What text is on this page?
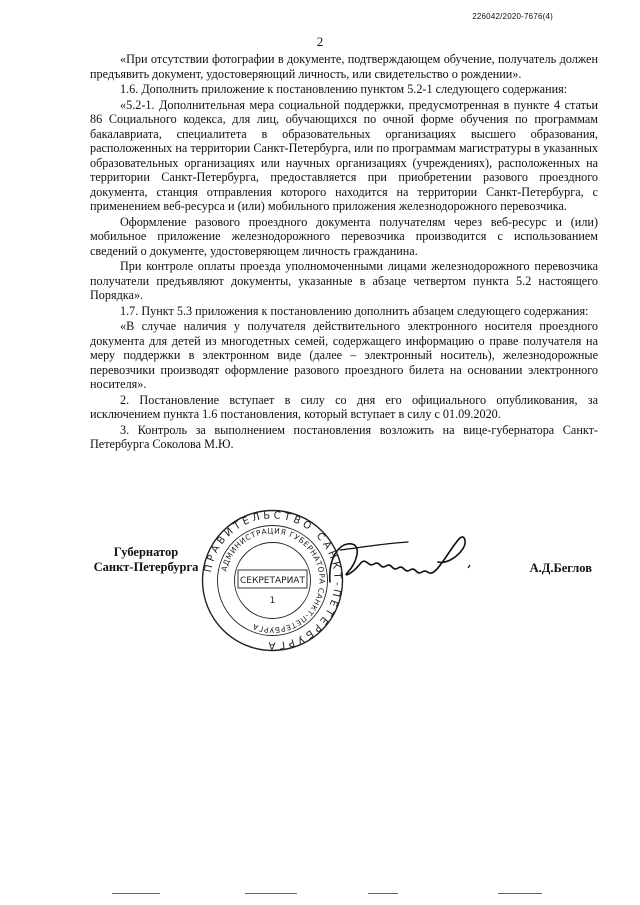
226042/2020-7676(4)
2

«При отсутствии фотографии в документе, подтверждающем обучение, получатель должен предъявить документ, удостоверяющий личность, или свидетельство о рождении».

1.6. Дополнить приложение к постановлению пунктом 5.2-1 следующего содержания:

«5.2-1. Дополнительная мера социальной поддержки, предусмотренная в пункте 4 статьи 86 Социального кодекса, для лиц, обучающихся по очной форме обучения по программам бакалавриата, специалитета в образовательных организациях высшего образования, расположенных на территории Санкт-Петербурга, или по программам магистратуры в указанных образовательных организациях или научных организациях (учреждениях), расположенных на территории Санкт-Петербурга, предоставляется при приобретении разового проездного документа, станция отправления которого находится на территории Санкт-Петербурга, с применением веб-ресурса и (или) мобильного приложения железнодорожного перевозчика.

Оформление разового проездного документа получателям через веб-ресурс и (или) мобильное приложение железнодорожного перевозчика производится с использованием сведений о документе, удостоверяющем личность гражданина.

При контроле оплаты проезда уполномоченными лицами железнодорожного перевозчика получатели предъявляют документы, указанные в абзаце четвертом пункта 5.2 настоящего Порядка».

1.7. Пункт 5.3 приложения к постановлению дополнить абзацем следующего содержания:

«В случае наличия у получателя действительного электронного носителя проездного документа для детей из многодетных семей, содержащего информацию о праве получателя на меру поддержки в электронном виде (далее – электронный носитель), железнодорожные перевозчики производят оформление разового проездного билета на основании электронного носителя».

2. Постановление вступает в силу со дня его официального опубликования, за исключением пункта 1.6 постановления, который вступает в силу с 01.09.2020.

3. Контроль за выполнением постановления возложить на вице-губернатора Санкт-Петербурга Соколова М.Ю.

Губернатор
Санкт-Петербурга ПРАВИТЕЛЬСТВО САНКТ-ПЕТЕРБУРГА
АДМИНИСТРАЦИЯ ГУБЕРНАТОРА САНКТ-ПЕТЕРБУРГА
СЕКРЕТАРИАТ
1
А.Д.Беглов
